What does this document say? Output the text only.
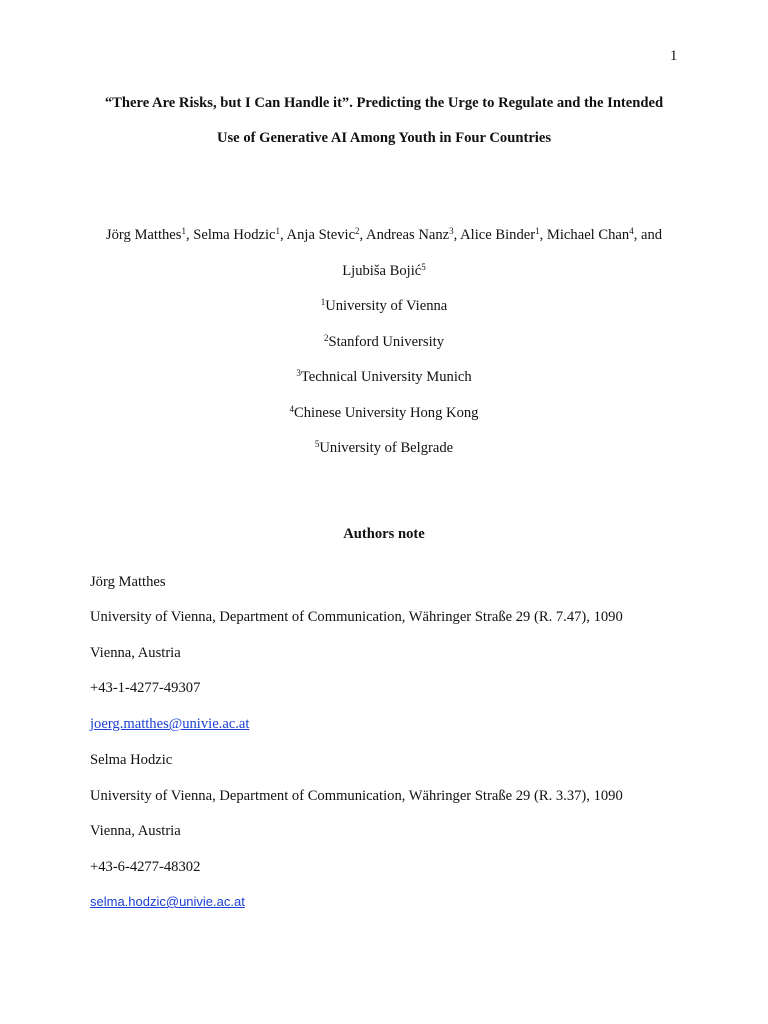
1
“There Are Risks, but I Can Handle it”. Predicting the Urge to Regulate and the Intended
Use of Generative AI Among Youth in Four Countries
Jörg Matthes$^1$, Selma Hodzic$^1$, Anja Stevic$^2$, Andreas Nanz$^3$, Alice Binder$^1$, Michael Chan$^4$, and
Ljubiša Bojić$^5$
$^1$University of Vienna
$^2$Stanford University
$^3$Technical University Munich
$^4$Chinese University Hong Kong
$^5$University of Belgrade
Authors note
Jörg Matthes
University of Vienna, Department of Communication, Währinger Straße 29 (R. 7.47), 1090
Vienna, Austria
+43-1-4277-49307
joerg.matthes@univie.ac.at
Selma Hodzic
University of Vienna, Department of Communication, Währinger Straße 29 (R. 3.37), 1090
Vienna, Austria
+43-6-4277-48302
selma.hodzic@univie.ac.at
